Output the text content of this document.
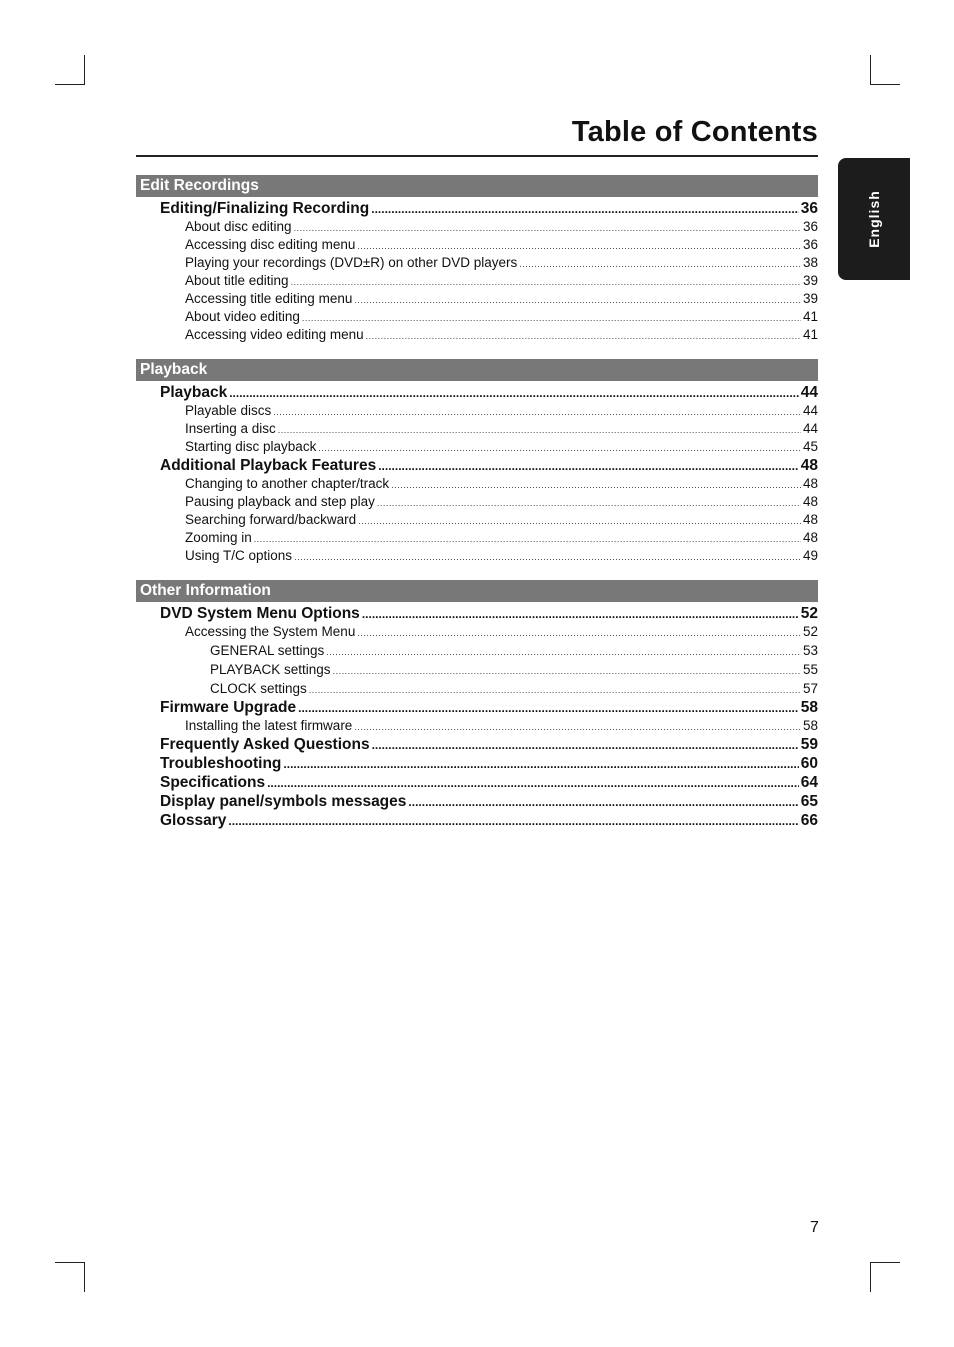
Table of Contents
English
Edit Recordings
Editing/Finalizing Recording .....	36
About disc editing .....	36
Accessing disc editing menu .....	36
Playing your recordings (DVD±R) on other DVD players .....	38
About title editing .....	39
Accessing title editing menu .....	39
About video editing .....	41
Accessing video editing menu .....	41
Playback
Playback .....	44
Playable discs .....	44
Inserting a disc .....	44
Starting disc playback .....	45
Additional Playback Features .....	48
Changing to another chapter/track .....	48
Pausing playback and step play .....	48
Searching forward/backward .....	48
Zooming in .....	48
Using T/C options .....	49
Other Information
DVD System Menu Options .....	52
Accessing the System Menu .....	52
GENERAL settings .....	53
PLAYBACK settings .....	55
CLOCK settings .....	57
Firmware Upgrade .....	58
Installing the latest firmware .....	58
Frequently Asked Questions .....	59
Troubleshooting .....	60
Specifications .....	64
Display panel/symbols messages .....	65
Glossary .....	66
7
